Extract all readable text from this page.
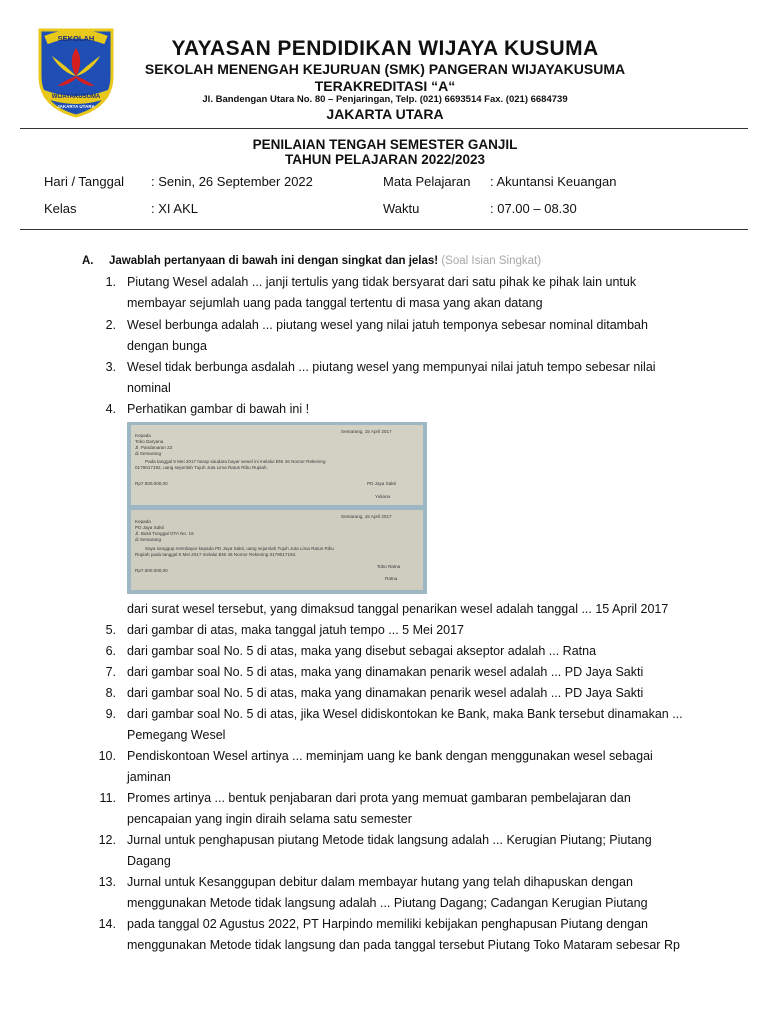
SEKOLAH
WIJAYAKUSUMA
JAKARTA UTARA
YAYASAN PENDIDIKAN WIJAYA KUSUMA
SEKOLAH MENENGAH KEJURUAN (SMK) PANGERAN WIJAYAKUSUMA
TERAKREDITASI “A“
Jl. Bandengan Utara No. 80 – Penjaringan, Telp. (021) 6693514 Fax. (021) 6684739
JAKARTA UTARA
PENILAIAN TENGAH SEMESTER GANJIL
TAHUN PELAJARAN 2022/2023
Hari / Tanggal : Senin, 26 September 2022	Mata Pelajaran : Akuntansi Keuangan
Kelas	: XI AKL	Waktu	: 07.00 – 08.30
A. Jawablah pertanyaan di bawah ini dengan singkat dan jelas! (Soal Isian Singkat)
1. Piutang Wesel adalah ... janji tertulis yang tidak bersyarat dari satu pihak ke pihak lain untuk
membayar sejumlah uang pada tanggal tertentu di masa yang akan datang
2. Wesel berbunga adalah ... piutang wesel yang nilai jatuh temponya sebesar nominal ditambah
dengan bunga
3. Wesel tidak berbunga asdalah ... piutang wesel yang mempunyai nilai jatuh tempo sebesar nilai
nominal
4. Perhatikan gambar di bawah ini !
Semarang, 15 April 2017
Kepada
Toko Daryana
Jl. Pandanaran 22
di Semarang
Pada tanggal 5 Mei 2017 harap saudara bayar wesel ini melalui BNI 46 Nomor Rekening
0179017192, uang sejumlah Tujuh Juta Lima Ratus Ribu Rupiah.
Rp7.500.000,00	PD Jaya Sakti
Yuliana
Semarang, 15 April 2017
Kepada
PD Jaya Sakti
Jl. Bukit Tunggal GTA No. 16
di Semarang
Saya sanggup membayar kepada PD Jaya Sakti, uang sejumlah Tujuh Juta Lima Ratus Ribu
Rupiah pada tanggal 5 Mei 2017 melalui BNI 46 Nomor Rekening 0179017192.
Rp7.500.000,00
Toko Ratna
Ratna
dari surat wesel tersebut, yang dimaksud tanggal penarikan wesel adalah tanggal ... 15 April 2017
5. dari gambar di atas, maka tanggal jatuh tempo ... 5 Mei 2017
6. dari gambar soal No. 5 di atas, maka yang disebut sebagai akseptor adalah ... Ratna
7. dari gambar soal No. 5 di atas, maka yang dinamakan penarik wesel adalah ... PD Jaya Sakti
8. dari gambar soal No. 5 di atas, maka yang dinamakan penarik wesel adalah ... PD Jaya Sakti
9. dari gambar soal No. 5 di atas, jika Wesel didiskontokan ke Bank, maka Bank tersebut dinamakan ...
Pemegang Wesel
10. Pendiskontoan Wesel artinya ... meminjam uang ke bank dengan menggunakan wesel sebagai
jaminan
11. Promes artinya ... bentuk penjabaran dari prota yang memuat gambaran pembelajaran dan
pencapaian yang ingin diraih selama satu semester
12. Jurnal untuk penghapusan piutang Metode tidak langsung adalah ... Kerugian Piutang; Piutang
Dagang
13. Jurnal untuk Kesanggupan debitur dalam membayar hutang yang telah dihapuskan dengan
menggunakan Metode tidak langsung adalah ... Piutang Dagang; Cadangan Kerugian Piutang
14. pada tanggal 02 Agustus 2022, PT Harpindo memiliki kebijakan penghapusan Piutang dengan
menggunakan Metode tidak langsung dan pada tanggal tersebut Piutang Toko Mataram sebesar Rp
